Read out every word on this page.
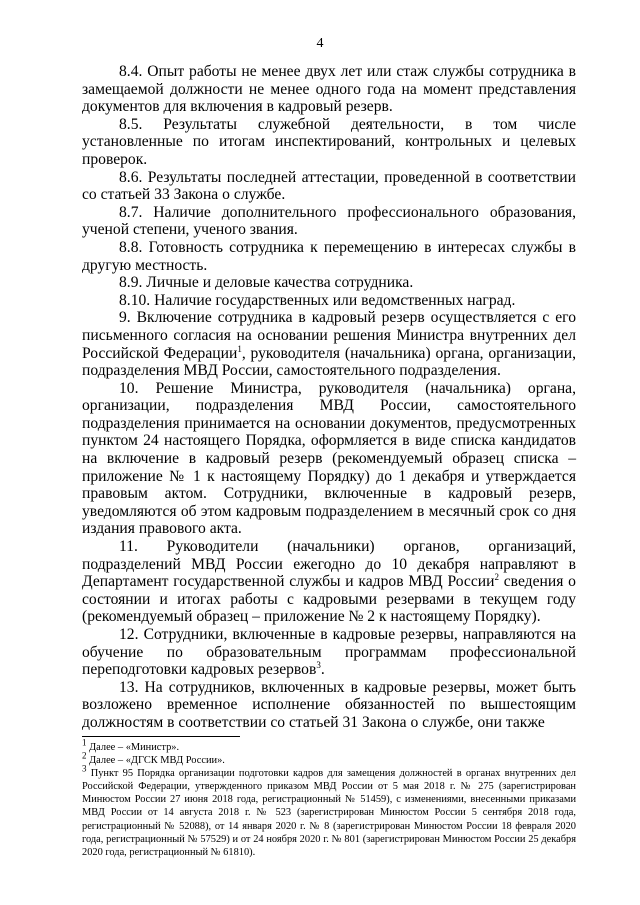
4

8.4. Опыт работы не менее двух лет или стаж службы сотрудника в замещаемой должности не менее одного года на момент представления документов для включения в кадровый резерв.

8.5. Результаты служебной деятельности, в том числе установленные по итогам инспектирований, контрольных и целевых проверок.

8.6. Результаты последней аттестации, проведенной в соответствии со статьей 33 Закона о службе.

8.7. Наличие дополнительного профессионального образования, ученой степени, ученого звания.

8.8. Готовность сотрудника к перемещению в интересах службы в другую местность.

8.9. Личные и деловые качества сотрудника.

8.10. Наличие государственных или ведомственных наград.

9. Включение сотрудника в кадровый резерв осуществляется с его письменного согласия на основании решения Министра внутренних дел Российской Федерации$^1$, руководителя (начальника) органа, организации, подразделения МВД России, самостоятельного подразделения.

10. Решение Министра, руководителя (начальника) органа, организации, подразделения МВД России, самостоятельного подразделения принимается на основании документов, предусмотренных пунктом 24 настоящего Порядка, оформляется в виде списка кандидатов на включение в кадровый резерв (рекомендуемый образец списка – приложение № 1 к настоящему Порядку) до 1 декабря и утверждается правовым актом. Сотрудники, включенные в кадровый резерв, уведомляются об этом кадровым подразделением в месячный срок со дня издания правового акта.

11. Руководители (начальники) органов, организаций, подразделений МВД России ежегодно до 10 декабря направляют в Департамент государственной службы и кадров МВД России$^2$ сведения о состоянии и итогах работы с кадровыми резервами в текущем году (рекомендуемый образец – приложение № 2 к настоящему Порядку).

12. Сотрудники, включенные в кадровые резервы, направляются на обучение по образовательным программам профессиональной переподготовки кадровых резервов$^3$.

13. На сотрудников, включенных в кадровые резервы, может быть возложено временное исполнение обязанностей по вышестоящим должностям в соответствии со статьей 31 Закона о службе, они также

$^1$ Далее – «Министр».

$^2$ Далее – «ДГСК МВД России».

$^3$ Пункт 95 Порядка организации подготовки кадров для замещения должностей в органах внутренних дел Российской Федерации, утвержденного приказом МВД России от 5 мая 2018 г. № 275 (зарегистрирован Минюстом России 27 июня 2018 года, регистрационный № 51459), с изменениями, внесенными приказами МВД России от 14 августа 2018 г. № 523 (зарегистрирован Минюстом России 5 сентября 2018 года, регистрационный № 52088), от 14 января 2020 г. № 8 (зарегистрирован Минюстом России 18 февраля 2020 года, регистрационный № 57529) и от 24 ноября 2020 г. № 801 (зарегистрирован Минюстом России 25 декабря 2020 года, регистрационный № 61810).
